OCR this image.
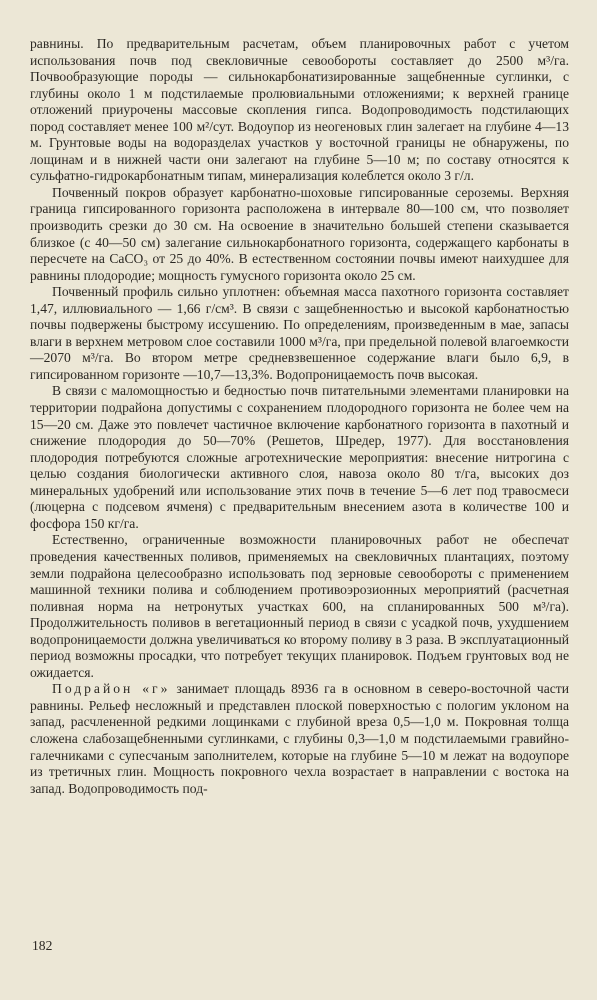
равнины. По предварительным расчетам, объем планировочных работ с учетом использования почв под свекловичные севообороты составляет до 2500 м³/га. Почвообразующие породы — сильнокарбонатизированные защебненные суглинки, с глубины около 1 м подстилаемые пролювиальными отложениями; к верхней границе отложений приурочены массовые скопления гипса. Водопроводимость подстилающих пород составляет менее 100 м²/сут. Водоупор из неогеновых глин залегает на глубине 4—13 м. Грунтовые воды на водоразделах участков у восточной границы не обнаружены, по лощинам и в нижней части они залегают на глубине 5—10 м; по составу относятся к сульфатно-гидрокарбонатным типам, минерализация колеблется около 3 г/л.

Почвенный покров образует карбонатно-шоховые гипсированные сероземы. Верхняя граница гипсированного горизонта расположена в интервале 80—100 см, что позволяет производить срезки до 30 см. На освоение в значительно большей степени сказывается близкое (с 40—50 см) залегание сильнокарбонатного горизонта, содержащего карбонаты в пересчете на CaCO₃ от 25 до 40%. В естественном состоянии почвы имеют наихудшее для равнины плодородие; мощность гумусного горизонта около 25 см.

Почвенный профиль сильно уплотнен: объемная масса пахотного горизонта составляет 1,47, иллювиального — 1,66 г/см³. В связи с защебненностью и высокой карбонатностью почвы подвержены быстрому иссушению. По определениям, произведенным в мае, запасы влаги в верхнем метровом слое составили 1000 м³/га, при предельной полевой влагоемкости —2070 м³/га. Во втором метре средневзвешенное содержание влаги было 6,9, в гипсированном горизонте —10,7—13,3%. Водопроницаемость почв высокая.

В связи с маломощностью и бедностью почв питательными элементами планировки на территории подрайона допустимы с сохранением плодородного горизонта не более чем на 15—20 см. Даже это повлечет частичное включение карбонатного горизонта в пахотный и снижение плодородия до 50—70% (Решетов, Шредер, 1977). Для восстановления плодородия потребуются сложные агротехнические мероприятия: внесение нитрогина с целью создания биологически активного слоя, навоза около 80 т/га, высоких доз минеральных удобрений или использование этих почв в течение 5—6 лет под травосмеси (люцерна с подсевом ячменя) с предварительным внесением азота в количестве 100 и фосфора 150 кг/га.

Естественно, ограниченные возможности планировочных работ не обеспечат проведения качественных поливов, применяемых на свекловичных плантациях, поэтому земли подрайона целесообразно использовать под зерновые севообороты с применением машинной техники полива и соблюдением противоэрозионных мероприятий (расчетная поливная норма на нетронутых участках 600, на спланированных 500 м³/га). Продолжительность поливов в вегетационный период в связи с усадкой почв, ухудшением водопроницаемости должна увеличиваться ко второму поливу в 3 раза. В эксплуатационный период возможны просадки, что потребует текущих планировок. Подъем грунтовых вод не ожидается.

Подрайон «г» занимает площадь 8936 га в основном в северо-восточной части равнины. Рельеф несложный и представлен плоской поверхностью с пологим уклоном на запад, расчлененной редкими лощинками с глубиной вреза 0,5—1,0 м. Покровная толща сложена слабозащебненными суглинками, с глубины 0,3—1,0 м подстилаемыми гравийно-галечниками с супесчаным заполнителем, которые на глубине 5—10 м лежат на водоупоре из третичных глин. Мощность покровного чехла возрастает в направлении с востока на запад. Водопроводимость под-

182
